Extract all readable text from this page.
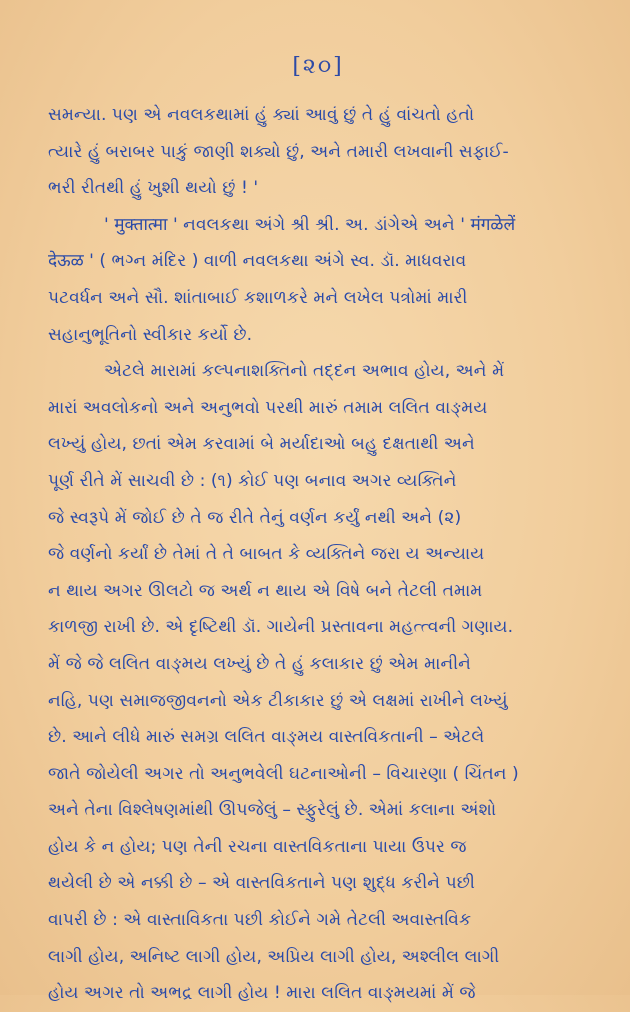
[૨૦]
સમન્યા. પણ એ નવલકથામાં હું ક્યાં આવું છું તે હું વાંચતો હતો
ત્યારે હું બરાબર પાકું જાણી શક્યો છું, અને તમારી લખવાની સફાઈ-
ભરી રીતથી હું ખુશી થયો છું ! '
' मुक्तात्मा ' નવલકથા અંગે શ્રી શ્રી. અ. ડાંગેએ અને ' मंगळेलें
देऊळ ' ( ભગ્ન મંદિર ) વાળી નવલકથા અંગે સ્વ. ડૉ. માધવરાવ
પટવર્ધન અને સૌ. શાંતાબાઈ કશાળકરે મને લખેલ પત્રોમાં મારી
સહાનુભૂતિનો સ્વીકાર કર્યો છે.
એટલે મારામાં કલ્પનાશક્તિનો તદ્દન અભાવ હોય, અને મેં
મારાં અવલોકનો અને અનુભવો પરથી મારું તમામ લલિત વાઙ્મય
લખ્યું હોય, છતાં એમ કરવામાં બે મર્યાદાઓ બહુ દક્ષતાથી અને
પૂર્ણ રીતે મેં સાચવી છે : (૧) કોઈ પણ બનાવ અગર વ્યક્તિને
જે સ્વરૂપે મેં જોઈ છે તે જ રીતે તેનું વર્ણન કર્યું નથી અને (૨)
જે વર્ણનો કર્યાં છે તેમાં તે તે બાબત કે વ્યક્તિને જરા ય અન્યાય
ન થાય અગર ઊલટો જ અર્થ ન થાય એ વિષે બને તેટલી તમામ
કાળજી રાખી છે. એ દૃષ્ટિથી ડૉ. ગાયેની પ્રસ્તાવના મહત્ત્વની ગણાય.
મેં જે જે લલિત વાઙ્મય લખ્યું છે તે હું કલાકાર છું એમ માનીને
નહિ, પણ સમાજજીવનનો એક ટીકાકાર છું એ લક્ષમાં રાખીને લખ્યું
છે. આને લીધે મારું સમગ્ર લલિત વાઙ્મય વાસ્તવિકતાની – એટલે
જાતે જોયેલી અગર તો અનુભવેલી ઘટનાઓની – વિચારણા ( ચિંતન )
અને તેના વિશ્લેષણમાંથી ઊપજેલું – સ્ફુરેલું છે. એમાં કલાના અંશો
હોય કે ન હોય; પણ તેની રચના વાસ્તવિકતાના પાયા ઉપર જ
થયેલી છે એ નક્કી છે – એ વાસ્તવિકતાને પણ શુદ્ધ કરીને પછી
વાપરી છે : એ વાસ્તાવિકતા પછી કોઈને ગમે તેટલી અવાસ્તવિક
લાગી હોય, અનિષ્ટ લાગી હોય, અપ્રિય લાગી હોય, અશ્લીલ લાગી
હોય અગર તો અભદ્ર લાગી હોય ! મારા લલિત વાઙ્મયમાં મેં જે
